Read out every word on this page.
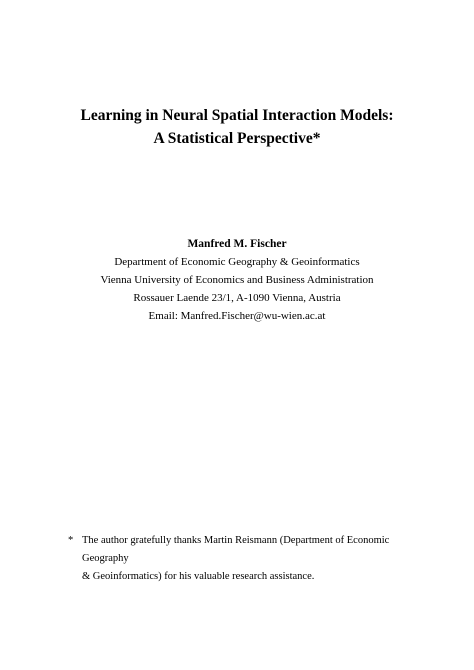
Learning in Neural Spatial Interaction Models:
A Statistical Perspective*
Manfred M. Fischer
Department of Economic Geography & Geoinformatics
Vienna University of Economics and Business Administration
Rossauer Laende 23/1, A-1090 Vienna, Austria
Email: Manfred.Fischer@wu-wien.ac.at
* The author gratefully thanks Martin Reismann (Department of Economic Geography
& Geoinformatics) for his valuable research assistance.
